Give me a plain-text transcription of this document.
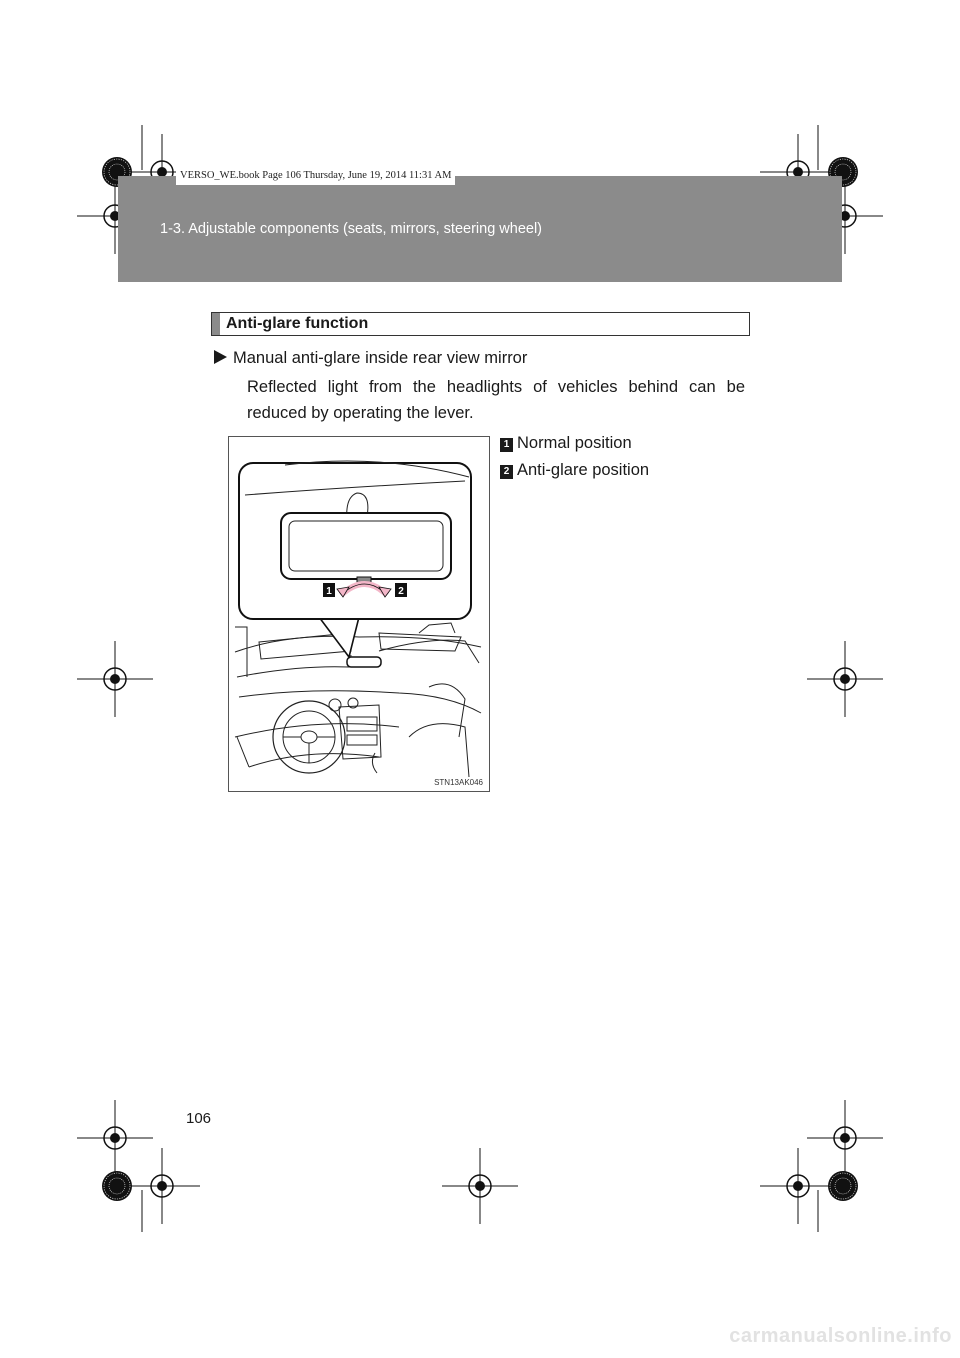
VERSO_WE.book Page 106 Thursday, June 19, 2014 11:31 AM
1-3. Adjustable components (seats, mirrors, steering wheel)
Anti-glare function
Manual anti-glare inside rear view mirror
Reflected light from the headlights of vehicles behind can be reduced by operating the lever.
1 Normal position
2 Anti-glare position
1	2
STN13AK046
106
carmanualsonline.info
